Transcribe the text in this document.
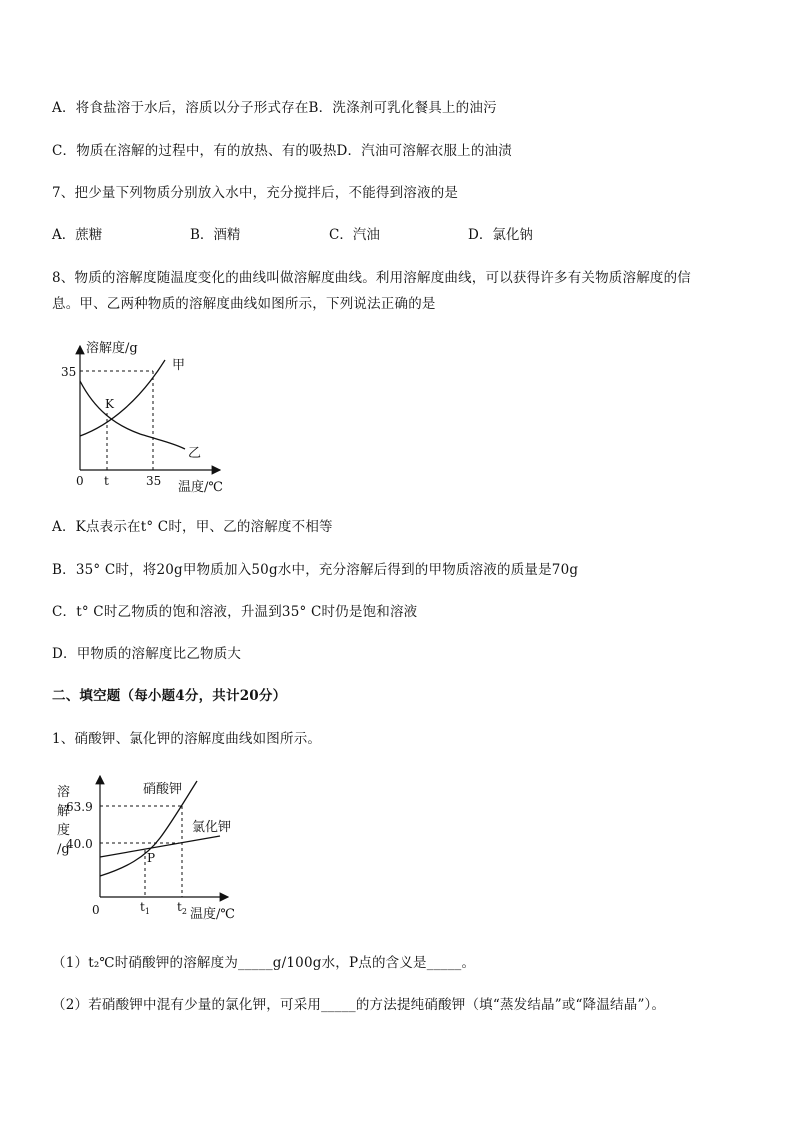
A．将食盐溶于水后，溶质以分子形式存在B．洗涤剂可乳化餐具上的油污
C．物质在溶解的过程中，有的放热、有的吸热D．汽油可溶解衣服上的油渍
7、把少量下列物质分别放入水中，充分搅拌后，不能得到溶液的是
A．蔗糖	B．酒精	C．汽油	D．氯化钠
8、物质的溶解度随温度变化的曲线叫做溶解度曲线。利用溶解度曲线，可以获得许多有关物质溶解度的信
息。甲、乙两种物质的溶解度曲线如图所示，下列说法正确的是
溶解度/g
甲
乙
35
K
0 t	35 温度/℃
A．K点表示在t° C时，甲、乙的溶解度不相等
B．35° C时，将20g甲物质加入50g水中，充分溶解后得到的甲物质溶液的质量是70g
C．t° C时乙物质的饱和溶液，升温到35° C时仍是饱和溶液
D．甲物质的溶解度比乙物质大
二、填空题（每小题4分，共计20分）
1、硝酸钾、氯化钾的溶解度曲线如图所示。
溶
解
度
/g
63.9
40.0
硝酸钾
氯化钾
P
0	$t_1$ $t_2$ 温度/℃
（1）t₂℃时硝酸钾的溶解度为_____g/100g水，P点的含义是_____。
（2）若硝酸钾中混有少量的氯化钾，可采用_____的方法提纯硝酸钾（填“蒸发结晶”或“降温结晶”）。
